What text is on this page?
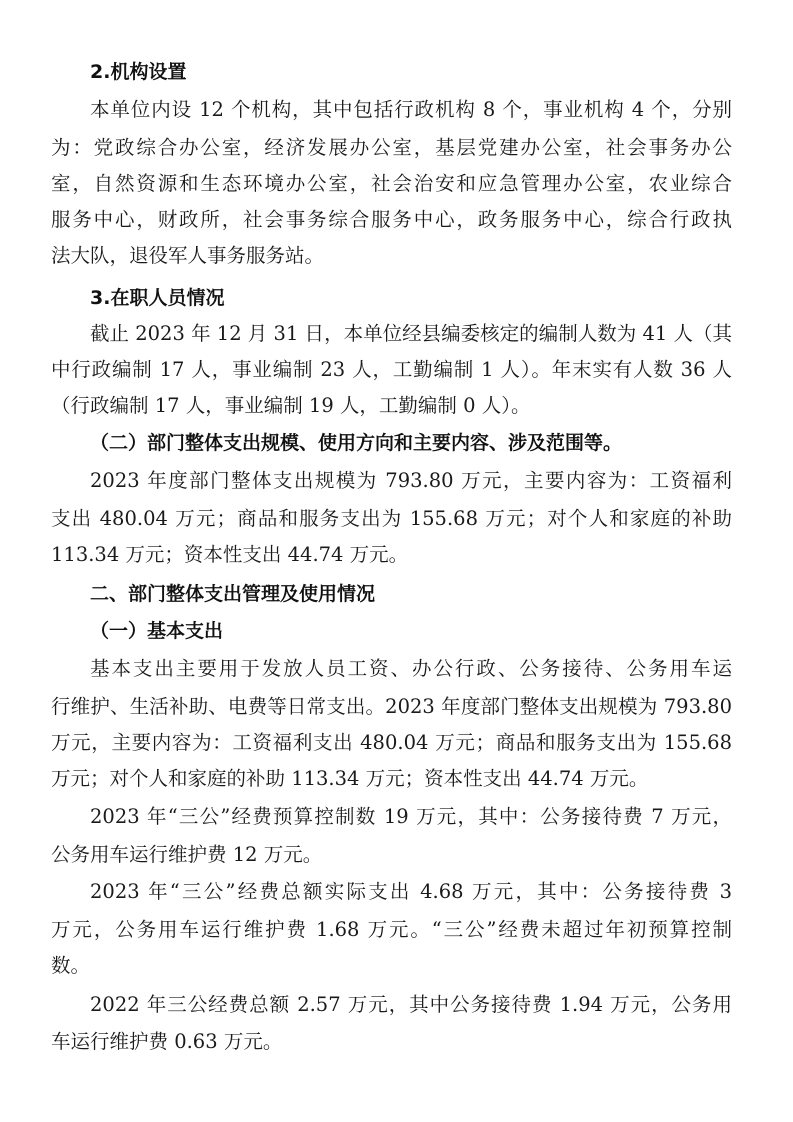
2.机构设置
本单位内设 12 个机构，其中包括行政机构 8 个，事业机构 4 个，分别
为：党政综合办公室，经济发展办公室，基层党建办公室，社会事务办公
室，自然资源和生态环境办公室，社会治安和应急管理办公室，农业综合
服务中心，财政所，社会事务综合服务中心，政务服务中心，综合行政执
法大队，退役军人事务服务站。
3.在职人员情况
截止 2023 年 12 月 31 日，本单位经县编委核定的编制人数为 41 人（其
中行政编制 17 人，事业编制 23 人，工勤编制 1 人）。年末实有人数 36 人
（行政编制 17 人，事业编制 19 人，工勤编制 0 人）。
（二）部门整体支出规模、使用方向和主要内容、涉及范围等。
2023 年度部门整体支出规模为 793.80 万元，主要内容为：工资福利
支出 480.04 万元；商品和服务支出为 155.68 万元；对个人和家庭的补助
113.34 万元；资本性支出 44.74 万元。
二、部门整体支出管理及使用情况
（一）基本支出
基本支出主要用于发放人员工资、办公行政、公务接待、公务用车运
行维护、生活补助、电费等日常支出。2023 年度部门整体支出规模为 793.80
万元，主要内容为：工资福利支出 480.04 万元；商品和服务支出为 155.68
万元；对个人和家庭的补助 113.34 万元；资本性支出 44.74 万元。
2023 年“三公”经费预算控制数 19 万元，其中：公务接待费 7 万元，
公务用车运行维护费 12 万元。
2023 年“三公”经费总额实际支出 4.68 万元，其中：公务接待费 3
万元，公务用车运行维护费 1.68 万元。“三公”经费未超过年初预算控制
数。
2022 年三公经费总额 2.57 万元，其中公务接待费 1.94 万元，公务用
车运行维护费 0.63 万元。
